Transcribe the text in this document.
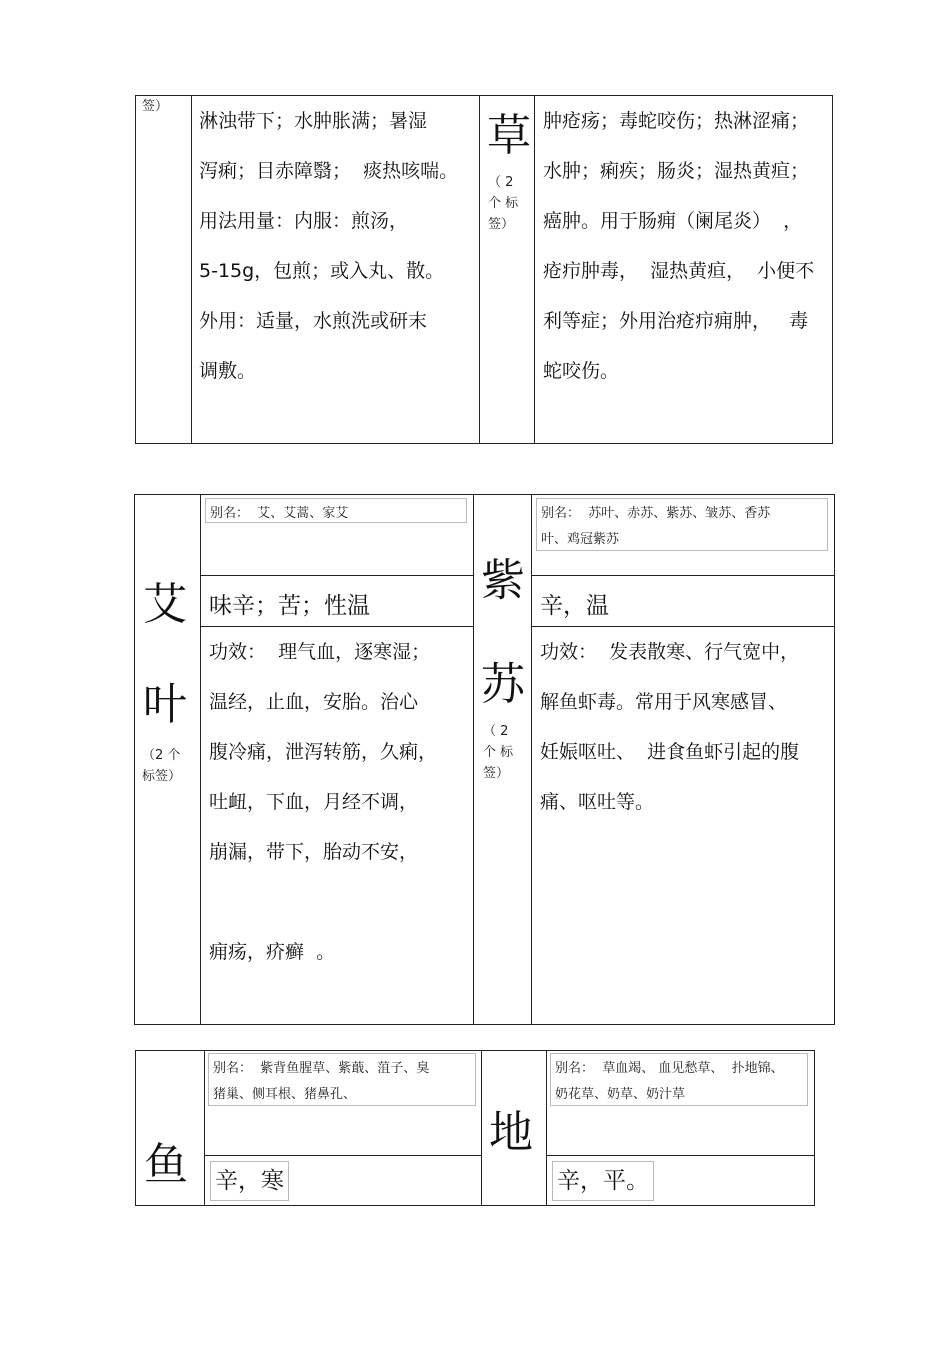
签）
淋浊带下；水肿胀满；暑湿
泻痢；目赤障翳；  痰热咳喘。
用法用量：内服：煎汤，
5-15g，包煎；或入丸、散。
外用：适量，水煎洗或研末
调敷。
草
（ 2
个 标
签）
肿疮疡；毒蛇咬伤；热淋涩痛；
水肿；痢疾；肠炎；湿热黄疸；
癌肿。用于肠痈（阑尾炎）  ，
疮疖肿毒，  湿热黄疸，  小便不
利等症；外用治疮疖痈肿，   毒
蛇咬伤。
艾
叶
（2 个
标签）
别名：  艾、艾蒿、家艾
味辛；苦；性温
功效：  理气血，逐寒湿；
温经，止血，安胎。治心
腹冷痛，泄泻转筋，久痢，
吐衄，下血，月经不调，
崩漏，带下，胎动不安，

痈疡，疥癣  。
紫
苏
（ 2
个 标
签）
别名：  苏叶、赤苏、紫苏、皱苏、香苏
叶、鸡冠紫苏
辛，温
功效：  发表散寒、行气宽中，
解鱼虾毒。常用于风寒感冒、
妊娠呕吐、  进食鱼虾引起的腹
痛、呕吐等。
鱼
别名：  紫背鱼腥草、紫蕺、菹子、臭
猪巢、侧耳根、猪鼻孔、
辛，寒
地
别名：  草血竭、 血见愁草、  扑地锦、
奶花草、奶草、奶汁草
辛，平。
